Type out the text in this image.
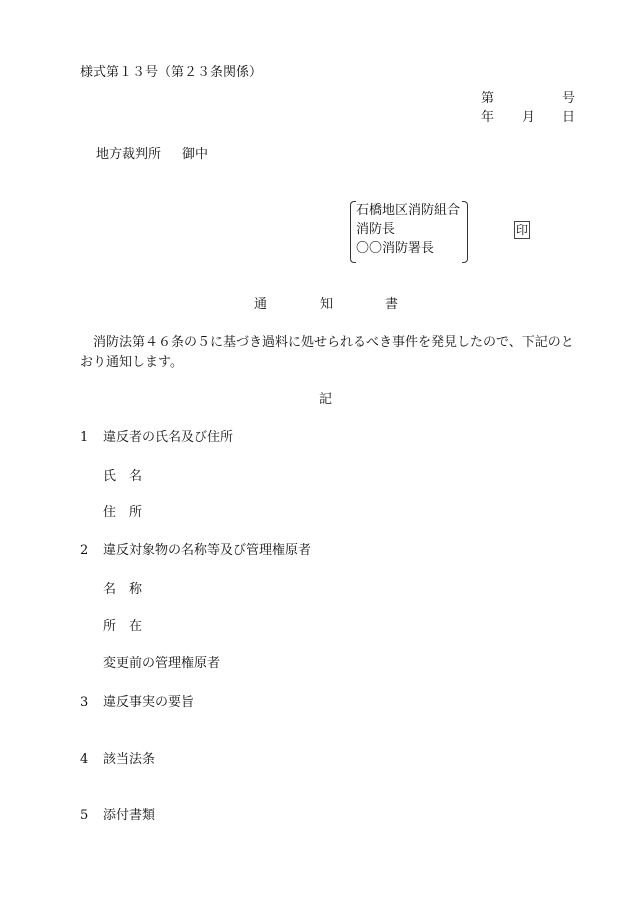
様式第１３号（第２３条関係）
第	号
年 月 日
地方裁判所 御中
石橋地区消防組合
消防長
〇〇消防署長
印
通	知	書
消防法第４６条の５に基づき過料に処せられるべき事件を発見したので、下記のとおり通知します。
記
1 違反者の氏名及び住所
氏　名
住　所
2 違反対象物の名称等及び管理権原者
名　称
所　在
変更前の管理権原者
3 違反事実の要旨
4 該当法条
5 添付書類
